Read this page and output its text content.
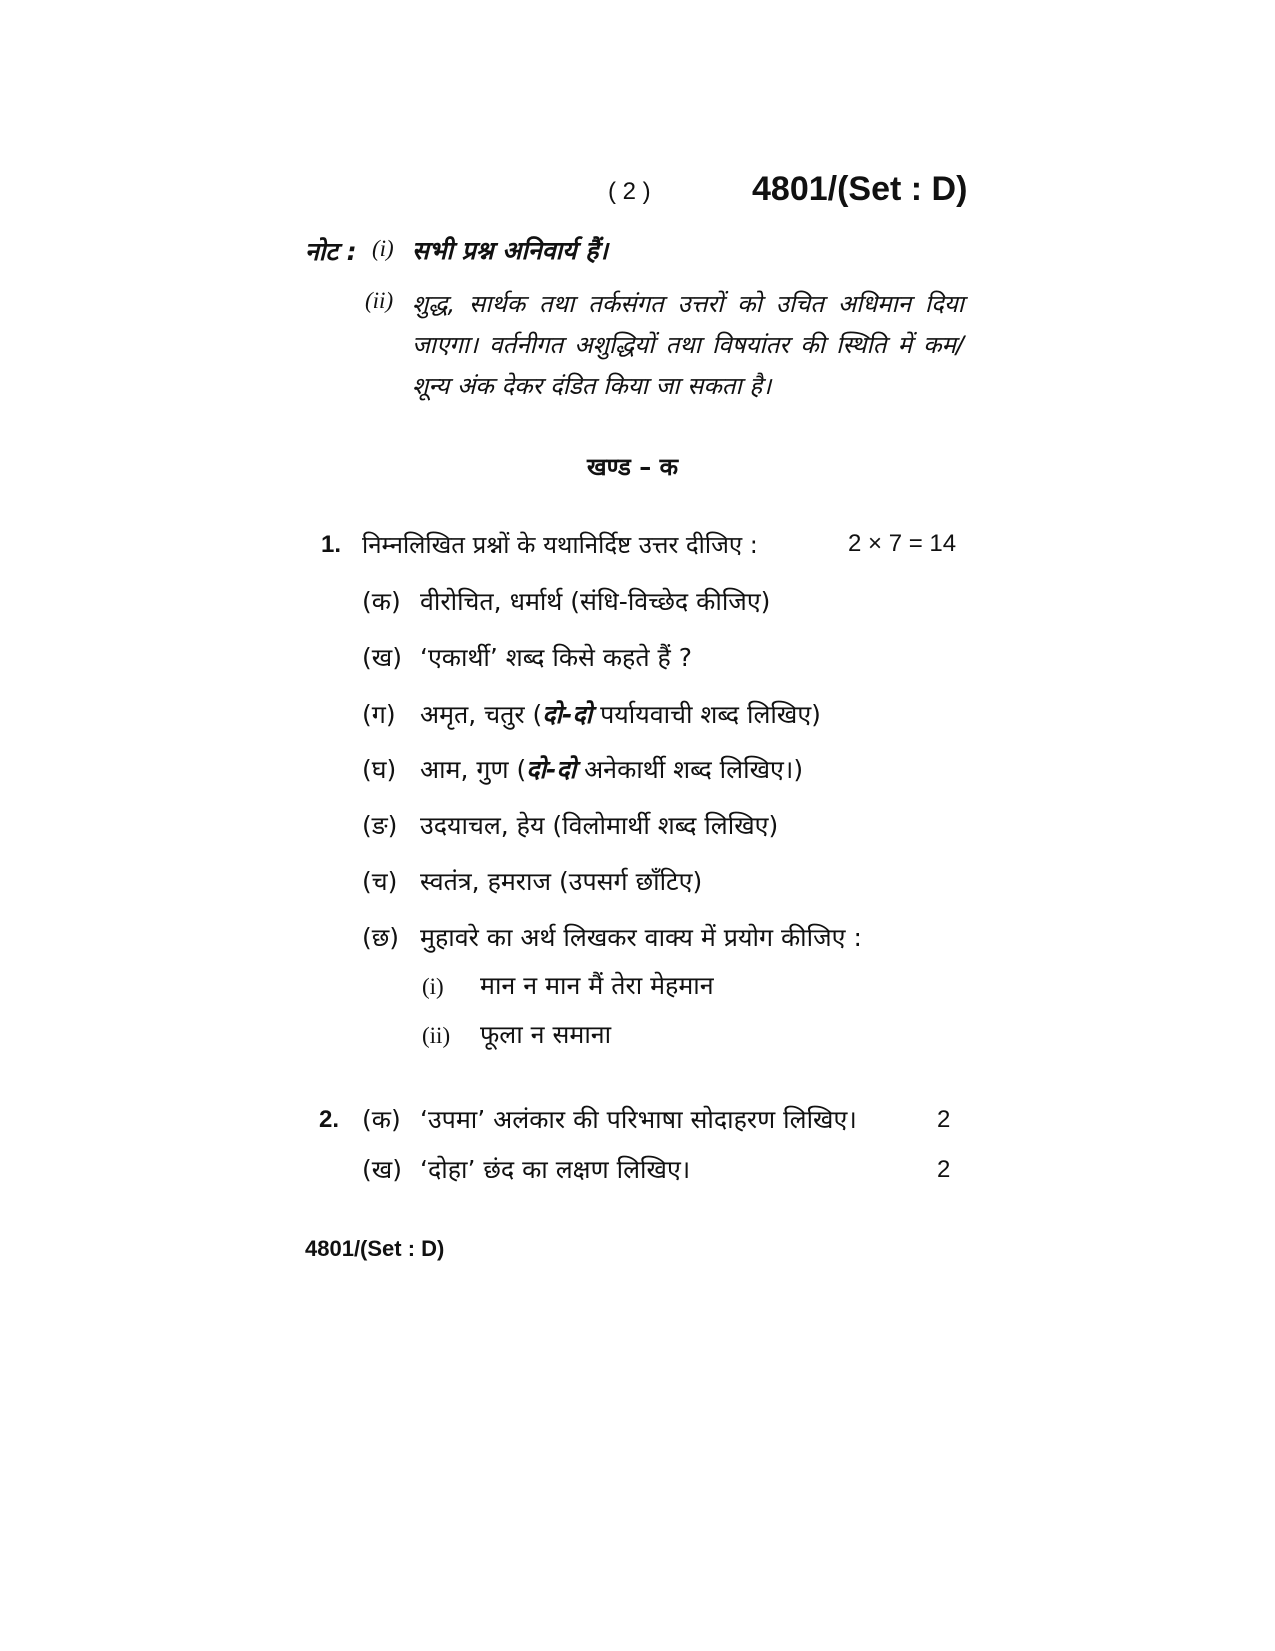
( 2 )	4801/(Set : D)
नोट : (i) सभी प्रश्न अनिवार्य हैं।
(ii) शुद्ध, सार्थक तथा तर्कसंगत उत्तरों को उचित अधिमान दिया जाएगा। वर्तनीगत अशुद्धियों तथा विषयांतर की स्थिति में कम/शून्य अंक देकर दंडित किया जा सकता है।
खण्ड – क
1. निम्नलिखित प्रश्नों के यथानिर्दिष्ट उत्तर दीजिए :	2 × 7 = 14
(क) वीरोचित, धर्मार्थ (संधि-विच्छेद कीजिए)
(ख) ‘एकार्थी’ शब्द किसे कहते हैं ?
(ग) अमृत, चतुर (दो-दो पर्यायवाची शब्द लिखिए)
(घ) आम, गुण (दो-दो अनेकार्थी शब्द लिखिए।)
(ङ) उदयाचल, हेय (विलोमार्थी शब्द लिखिए)
(च) स्वतंत्र, हमराज (उपसर्ग छाँटिए)
(छ) मुहावरे का अर्थ लिखकर वाक्य में प्रयोग कीजिए :
(i) मान न मान मैं तेरा मेहमान
(ii) फूला न समाना
2. (क) ‘उपमा’ अलंकार की परिभाषा सोदाहरण लिखिए।	2
(ख) ‘दोहा’ छंद का लक्षण लिखिए।	2
4801/(Set : D)
